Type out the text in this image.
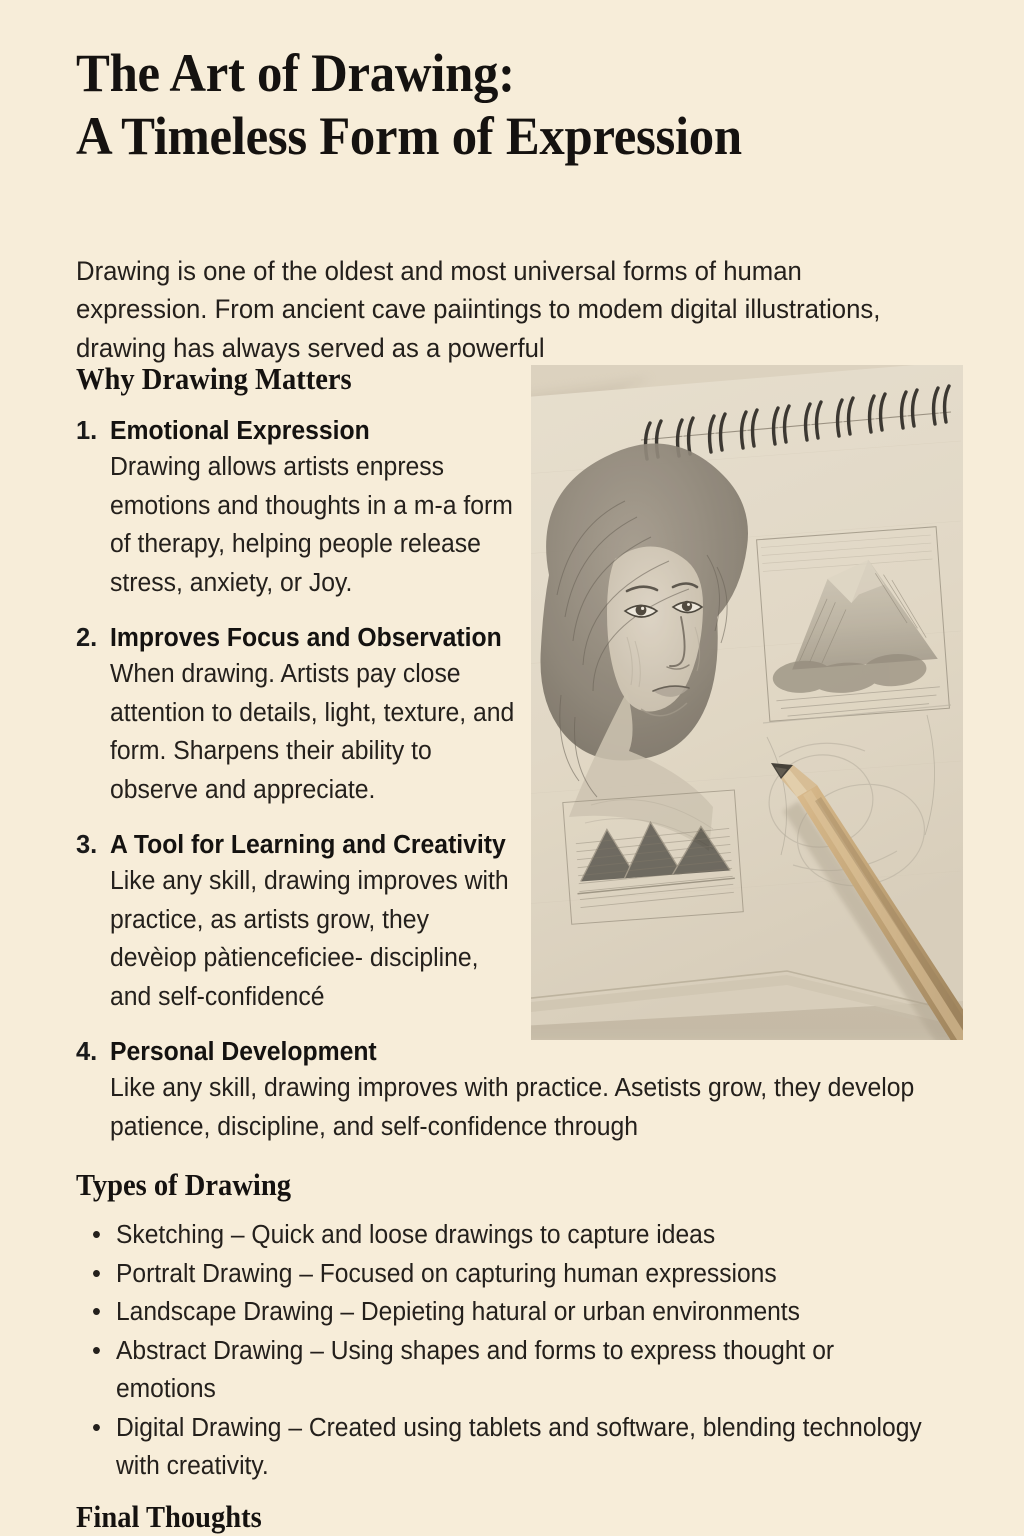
The Art of Drawing:
A Timeless Form of Expression

Drawing is one of the oldest and most universal forms of human expression. From ancient cave paiintings to modem digital illustrations, drawing has always served as a powerful

Why Drawing Matters
1. Emotional Expression
Drawing allows artists enpress emotions and thoughts in a m-a form of therapy, helping people release stress, anxiety, or Joy.
2. Improves Focus and Observation
When drawing. Artists pay close attention to details, light, texture, and form. Sharpens their ability to observe and appreciate.
3. A Tool for Learning and Creativity
Like any skill, drawing improves with practice, as artists grow, they devèiop pàtienceficiee- discipline, and self-confidencé
4. Personal Development
Like any skill, drawing improves with practice. Asetists grow, they develop patience, discipline, and self-confidence through
Types of Drawing
• Sketching – Quick and loose drawings to capture ideas
• Portralt Drawing – Focused on capturing human expressions
• Landscape Drawing – Depieting hatural or urban environments
• Abstract Drawing – Using shapes and forms to express thought or emotions
• Digital Drawing – Created using tablets and software, blending technology with creativity.
Final Thoughts
